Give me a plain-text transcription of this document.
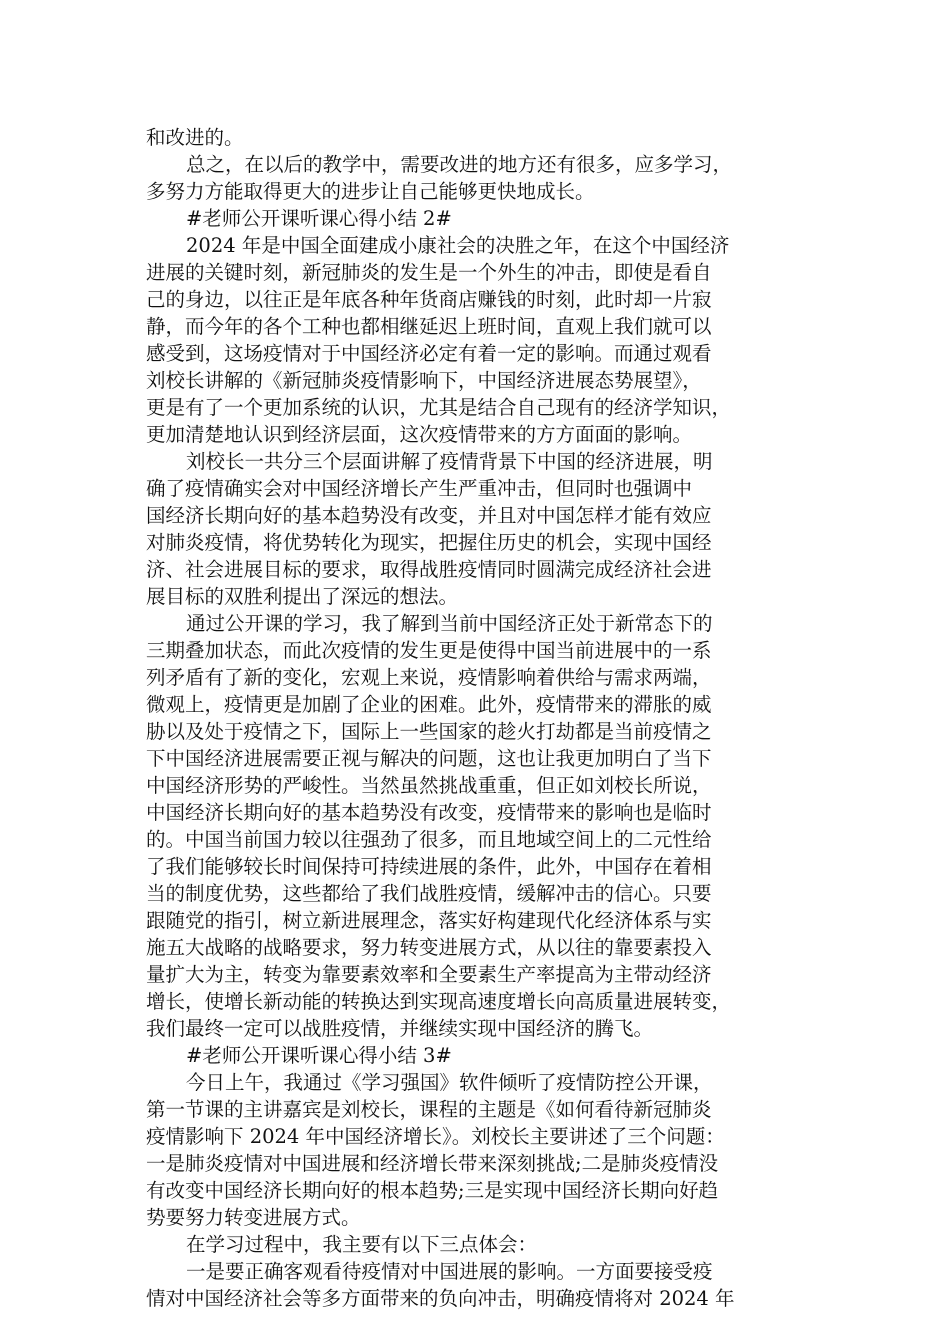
和改进的。
总之，在以后的教学中，需要改进的地方还有很多，应多学习，
多努力方能取得更大的进步让自己能够更快地成长。
#老师公开课听课心得小结 2#
2024 年是中国全面建成小康社会的决胜之年，在这个中国经济
进展的关键时刻，新冠肺炎的发生是一个外生的冲击，即使是看自
己的身边，以往正是年底各种年货商店赚钱的时刻，此时却一片寂
静，而今年的各个工种也都相继延迟上班时间，直观上我们就可以
感受到，这场疫情对于中国经济必定有着一定的影响。而通过观看
刘校长讲解的《新冠肺炎疫情影响下，中国经济进展态势展望》，
更是有了一个更加系统的认识，尤其是结合自己现有的经济学知识，
更加清楚地认识到经济层面，这次疫情带来的方方面面的影响。
刘校长一共分三个层面讲解了疫情背景下中国的经济进展，明
确了疫情确实会对中国经济增长产生严重冲击，但同时也强调中
国经济长期向好的基本趋势没有改变，并且对中国怎样才能有效应
对肺炎疫情，将优势转化为现实，把握住历史的机会，实现中国经
济、社会进展目标的要求，取得战胜疫情同时圆满完成经济社会进
展目标的双胜利提出了深远的想法。
通过公开课的学习，我了解到当前中国经济正处于新常态下的
三期叠加状态，而此次疫情的发生更是使得中国当前进展中的一系
列矛盾有了新的变化，宏观上来说，疫情影响着供给与需求两端，
微观上，疫情更是加剧了企业的困难。此外，疫情带来的滞胀的威
胁以及处于疫情之下，国际上一些国家的趁火打劫都是当前疫情之
下中国经济进展需要正视与解决的问题，这也让我更加明白了当下
中国经济形势的严峻性。当然虽然挑战重重，但正如刘校长所说，
中国经济长期向好的基本趋势没有改变，疫情带来的影响也是临时
的。中国当前国力较以往强劲了很多，而且地域空间上的二元性给
了我们能够较长时间保持可持续进展的条件，此外，中国存在着相
当的制度优势，这些都给了我们战胜疫情，缓解冲击的信心。只要
跟随党的指引，树立新进展理念，落实好构建现代化经济体系与实
施五大战略的战略要求，努力转变进展方式，从以往的靠要素投入
量扩大为主，转变为靠要素效率和全要素生产率提高为主带动经济
增长，使增长新动能的转换达到实现高速度增长向高质量进展转变，
我们最终一定可以战胜疫情，并继续实现中国经济的腾飞。
#老师公开课听课心得小结 3#
今日上午，我通过《学习强国》软件倾听了疫情防控公开课，
第一节课的主讲嘉宾是刘校长，课程的主题是《如何看待新冠肺炎
疫情影响下 2024 年中国经济增长》。刘校长主要讲述了三个问题：
一是肺炎疫情对中国进展和经济增长带来深刻挑战;二是肺炎疫情没
有改变中国经济长期向好的根本趋势;三是实现中国经济长期向好趋
势要努力转变进展方式。
在学习过程中，我主要有以下三点体会：
一是要正确客观看待疫情对中国进展的影响。一方面要接受疫
情对中国经济社会等多方面带来的负向冲击，明确疫情将对 2024 年
